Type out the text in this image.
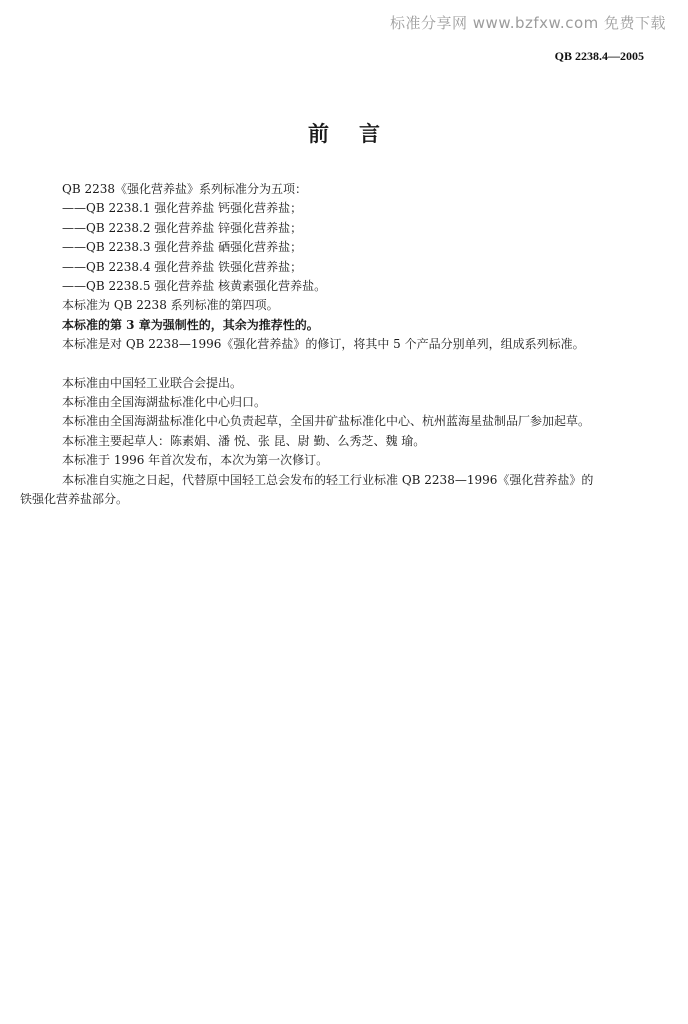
标准分享网 www.bzfxw.com 免费下载
QB 2238.4—2005
前言
QB 2238《强化营养盐》系列标准分为五项：
——QB 2238.1 强化营养盐 钙强化营养盐；
——QB 2238.2 强化营养盐 锌强化营养盐；
——QB 2238.3 强化营养盐 硒强化营养盐；
——QB 2238.4 强化营养盐 铁强化营养盐；
——QB 2238.5 强化营养盐 核黄素强化营养盐。
本标准为 QB 2238 系列标准的第四项。
本标准的第 3 章为强制性的，其余为推荐性的。
本标准是对 QB 2238—1996《强化营养盐》的修订，将其中 5 个产品分别单列，组成系列标准。
本标准由中国轻工业联合会提出。
本标准由全国海湖盐标准化中心归口。
本标准由全国海湖盐标准化中心负责起草，全国井矿盐标准化中心、杭州蓝海星盐制品厂参加起草。
本标准主要起草人：陈素娟、潘 悦、张 昆、尉 勤、么秀芝、魏 瑜。
本标准于 1996 年首次发布，本次为第一次修订。
本标准自实施之日起，代替原中国轻工总会发布的轻工行业标准 QB 2238—1996《强化营养盐》的
铁强化营养盐部分。
